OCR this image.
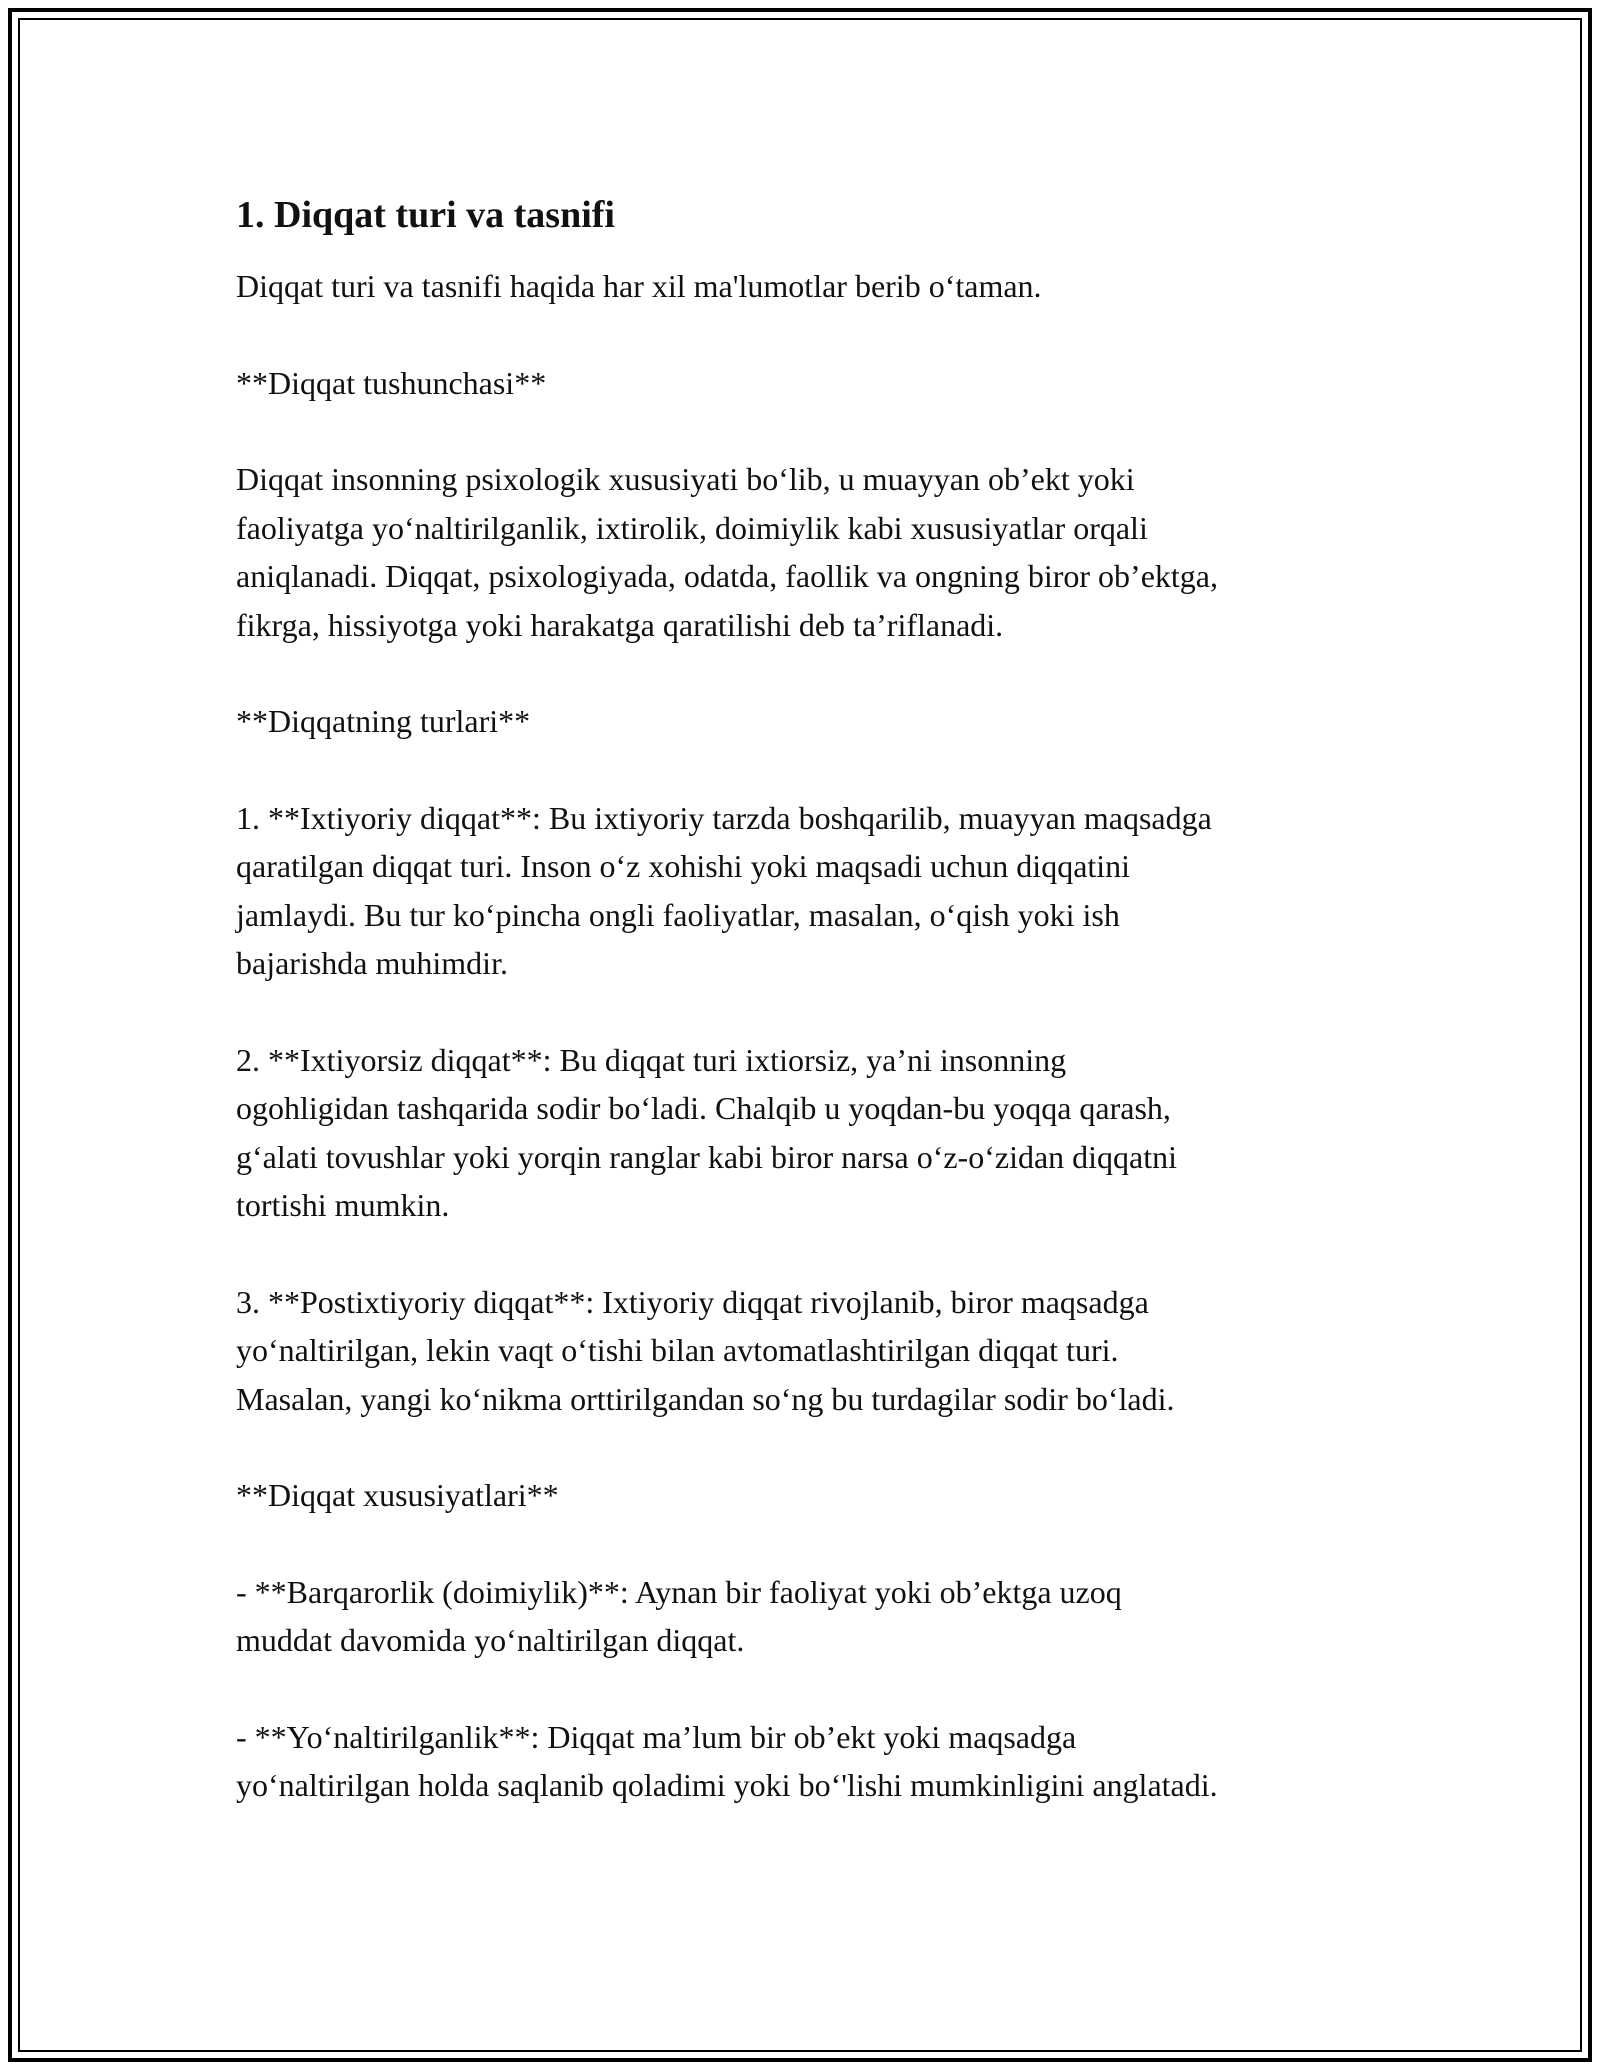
1. Diqqat turi va tasnifi

Diqqat turi va tasnifi haqida har xil ma'lumotlar berib o‘taman.

**Diqqat tushunchasi**

Diqqat insonning psixologik xususiyati bo‘lib, u muayyan ob’ekt yoki
faoliyatga yo‘naltirilganlik, ixtirolik, doimiylik kabi xususiyatlar orqali
aniqlanadi. Diqqat, psixologiyada, odatda, faollik va ongning biror ob’ektga,
fikrga, hissiyotga yoki harakatga qaratilishi deb ta’riflanadi.

**Diqqatning turlari**

1. **Ixtiyoriy diqqat**: Bu ixtiyoriy tarzda boshqarilib, muayyan maqsadga
qaratilgan diqqat turi. Inson o‘z xohishi yoki maqsadi uchun diqqatini
jamlaydi. Bu tur ko‘pincha ongli faoliyatlar, masalan, o‘qish yoki ish
bajarishda muhimdir.

2. **Ixtiyorsiz diqqat**: Bu diqqat turi ixtiorsiz, ya’ni insonning
ogohligidan tashqarida sodir bo‘ladi. Chalqib u yoqdan-bu yoqqa qarash,
g‘alati tovushlar yoki yorqin ranglar kabi biror narsa o‘z-o‘zidan diqqatni
tortishi mumkin.

3. **Postixtiyoriy diqqat**: Ixtiyoriy diqqat rivojlanib, biror maqsadga
yo‘naltirilgan, lekin vaqt o‘tishi bilan avtomatlashtirilgan diqqat turi.
Masalan, yangi ko‘nikma orttirilgandan so‘ng bu turdagilar sodir bo‘ladi.

**Diqqat xususiyatlari**

- **Barqarorlik (doimiylik)**: Aynan bir faoliyat yoki ob’ektga uzoq
muddat davomida yo‘naltirilgan diqqat.

- **Yo‘naltirilganlik**: Diqqat ma’lum bir ob’ekt yoki maqsadga
yo‘naltirilgan holda saqlanib qoladimi yoki bo‘'lishi mumkinligini anglatadi.
